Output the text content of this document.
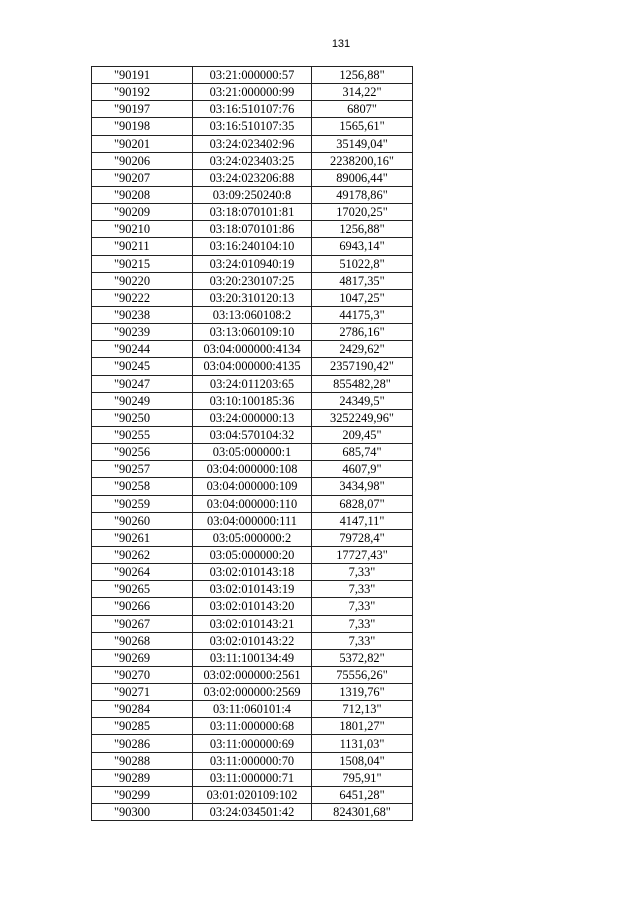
131
"90191	03:21:000000:57	1256,88"
"90192	03:21:000000:99	314,22"
"90197	03:16:510107:76	6807"
"90198	03:16:510107:35	1565,61"
"90201	03:24:023402:96	35149,04"
"90206	03:24:023403:25	2238200,16"
"90207	03:24:023206:88	89006,44"
"90208	03:09:250240:8	49178,86"
"90209	03:18:070101:81	17020,25"
"90210	03:18:070101:86	1256,88"
"90211	03:16:240104:10	6943,14"
"90215	03:24:010940:19	51022,8"
"90220	03:20:230107:25	4817,35"
"90222	03:20:310120:13	1047,25"
"90238	03:13:060108:2	44175,3"
"90239	03:13:060109:10	2786,16"
"90244	03:04:000000:4134	2429,62"
"90245	03:04:000000:4135	2357190,42"
"90247	03:24:011203:65	855482,28"
"90249	03:10:100185:36	24349,5"
"90250	03:24:000000:13	3252249,96"
"90255	03:04:570104:32	209,45"
"90256	03:05:000000:1	685,74"
"90257	03:04:000000:108	4607,9"
"90258	03:04:000000:109	3434,98"
"90259	03:04:000000:110	6828,07"
"90260	03:04:000000:111	4147,11"
"90261	03:05:000000:2	79728,4"
"90262	03:05:000000:20	17727,43"
"90264	03:02:010143:18	7,33"
"90265	03:02:010143:19	7,33"
"90266	03:02:010143:20	7,33"
"90267	03:02:010143:21	7,33"
"90268	03:02:010143:22	7,33"
"90269	03:11:100134:49	5372,82"
"90270	03:02:000000:2561	75556,26"
"90271	03:02:000000:2569	1319,76"
"90284	03:11:060101:4	712,13"
"90285	03:11:000000:68	1801,27"
"90286	03:11:000000:69	1131,03"
"90288	03:11:000000:70	1508,04"
"90289	03:11:000000:71	795,91"
"90299	03:01:020109:102	6451,28"
"90300	03:24:034501:42	824301,68"
